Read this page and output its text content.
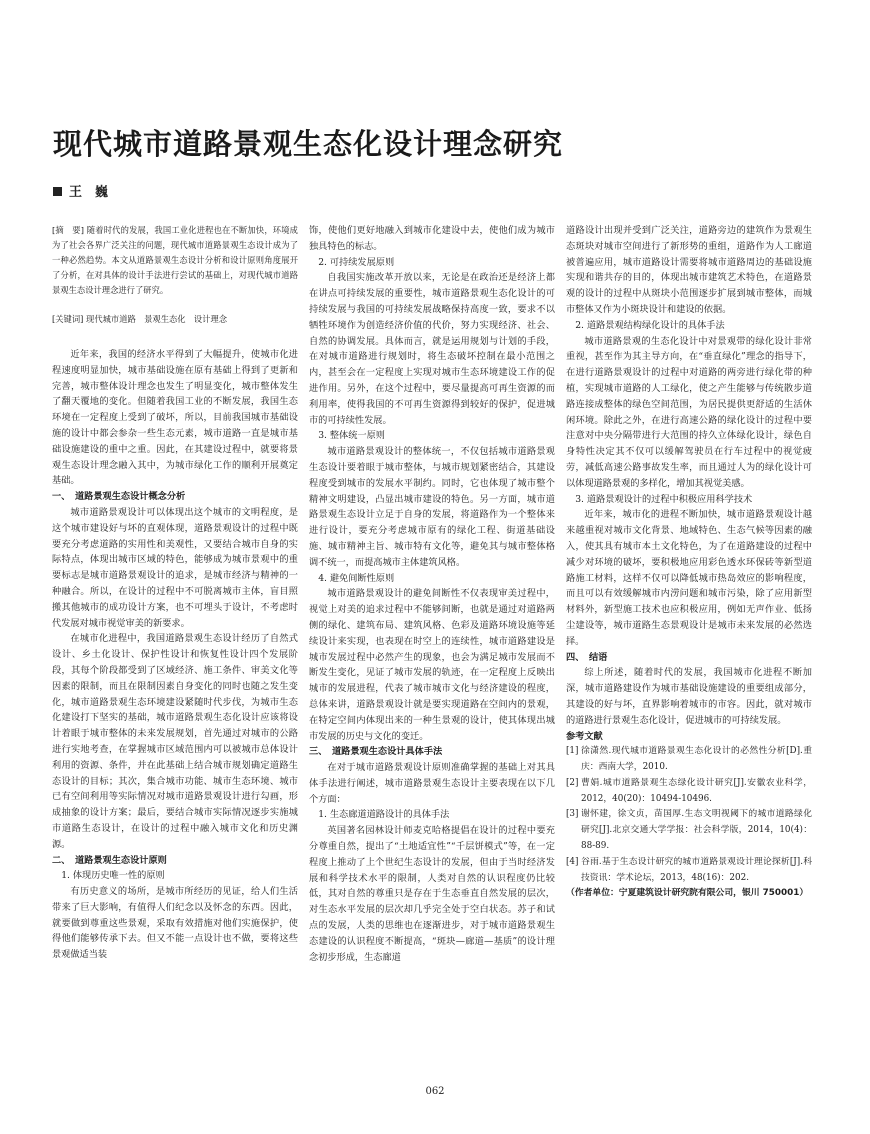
现代城市道路景观生态化设计理念研究
王　巍

[摘　要] 随着时代的发展，我国工业化进程也在不断加快，环境成为了社会各界广泛关注的问题，现代城市道路景观生态设计成为了一种必然趋势。本文从道路景观生态设计分析和设计原则角度展开了分析，在对具体的设计手法进行尝试的基础上，对现代城市道路景观生态设计理念进行了研究。

[关键词] 现代城市道路　景观生态化　设计理念

近年来，我国的经济水平得到了大幅提升，使城市化进程速度明显加快，城市基础设施在原有基础上得到了更新和完善，城市整体设计理念也发生了明显变化，城市整体发生了翻天覆地的变化。但随着我国工业的不断发展，我国生态环境在一定程度上受到了破坏，所以，目前我国城市基础设施的设计中都会参杂一些生态元素，城市道路一直是城市基础设施建设的重中之重。因此，在其建设过程中，就要将景观生态设计理念融入其中，为城市绿化工作的顺利开展奠定基础。

一、　道路景观生态设计概念分析

城市道路景观设计可以体现出这个城市的文明程度，是这个城市建设好与坏的直观体现，道路景观设计的过程中既要充分考虑道路的实用性和美观性，又要结合城市自身的实际特点，体现出城市区域的特色，能够成为城市景观中的重要标志是城市道路景观设计的追求，是城市经济与精神的一种融合。所以，在设计的过程中不可脱离城市主体，盲目照搬其他城市的成功设计方案，也不可埋头于设计，不考虑时代发展对城市视觉审美的新要求。

在城市化进程中，我国道路景观生态设计经历了自然式设计、乡土化设计、保护性设计和恢复性设计四个发展阶段，其每个阶段都受到了区域经济、施工条件、审美文化等因素的限制，而且在限制因素自身变化的同时也随之发生变化，城市道路景观生态环境建设紧随时代步伐，为城市生态化建设打下坚实的基础，城市道路景观生态化设计应该将设计着眼于城市整体的未来发展规划，首先通过对城市的公路进行实地考查，在掌握城市区域范围内可以被城市总体设计利用的资源、条件，并在此基础上结合城市规划确定道路生态设计的目标；其次，集合城市功能、城市生态环境、城市已有空间利用等实际情况对城市道路景观设计进行勾画，形成抽象的设计方案；最后，要结合城市实际情况逐步实施城市道路生态设计，在设计的过程中融入城市文化和历史渊源。

二、　道路景观生态设计原则

1. 体现历史唯一性的原则

有历史意义的场所，是城市所经历的见证，给人们生活带来了巨大影响，有值得人们纪念以及怀念的东西。因此，就要做到尊重这些景观，采取有效措施对他们实施保护，使得他们能够传承下去。但又不能一点设计也不做，要将这些景观做适当装

饰，使他们更好地融入到城市化建设中去，使他们成为城市独具特色的标志。

2. 可持续发展原则

自我国实施改革开放以来，无论是在政治还是经济上都在讲点可持续发展的重要性，城市道路景观生态化设计的可持续发展与我国的可持续发展战略保持高度一致，要求不以牺牲环境作为创造经济价值的代价，努力实现经济、社会、自然的协调发展。具体而言，就是运用规划与计划的手段，在对城市道路进行规划时，将生态破坏控制在最小范围之内，甚至会在一定程度上实现对城市生态环境建设工作的促进作用。另外，在这个过程中，要尽量提高可再生资源的而利用率，使得我国的不可再生资源得到较好的保护，促进城市的可持续性发展。

3. 整体统一原则

城市道路景观设计的整体统一，不仅包括城市道路景观生态设计要着眼于城市整体，与城市规划紧密结合，其建设程度受到城市的发展水平制约。同时，它也体现了城市整个精神文明建设，凸显出城市建设的特色。另一方面，城市道路景观生态设计立足于自身的发展，将道路作为一个整体来进行设计，要充分考虑城市原有的绿化工程、街道基础设施、城市精神主旨、城市特有文化等，避免其与城市整体格调不统一，而提高城市主体建筑风格。

4. 避免间断性原则

城市道路景观设计的避免间断性不仅表现审美过程中，视觉上对美的追求过程中不能够间断，也就是通过对道路两侧的绿化、建筑布局、建筑风格、色彩及道路环境设施等延续设计来实现，也表现在时空上的连续性，城市道路建设是城市发展过程中必然产生的现象，也会为满足城市发展而不断发生变化，见证了城市发展的轨迹，在一定程度上反映出城市的发展进程，代表了城市城市文化与经济建设的程度，总体来讲，道路景观设计就是要实现道路在空间内的景观，在特定空间内体现出来的一种生景观的设计，使其体现出城市发展的历史与文化的变迁。

三、　道路景观生态设计具体手法

在对于城市道路景观设计原则准确掌握的基础上对其具体手法进行阐述，城市道路景观生态设计主要表现在以下几个方面：

1. 生态廊道道路设计的具体手法

英国著名园林设计师麦克哈格提倡在设计的过程中要充分尊重自然，提出了“土地适宜性”“千层饼模式”等，在一定程度上推动了上个世纪生态设计的发展，但由于当时经济发展和科学技术水平的限制，人类对自然的认识程度仍比较低，其对自然的尊重只是存在于生态垂直自然发展的层次，对生态水平发展的层次却几乎完全处于空白状态。苏子和试点的发展，人类的思维也在逐渐进步，对于城市道路景观生态建设的认识程度不断提高，“斑块—廊道—基质”的设计理念初步形成，生态廊道

道路设计出现并受到广泛关注，道路旁边的建筑作为景观生态斑块对城市空间进行了新形势的重组，道路作为人工廊道被普遍应用，城市道路设计需要将城市道路周边的基础设施实现和谐共存的目的，体现出城市建筑艺术特色，在道路景观的设计的过程中从斑块小范围逐步扩展到城市整体，而城市整体又作为小斑块设计和建设的依据。

2. 道路景观结构绿化设计的具体手法

城市道路景观的生态化设计中对景观带的绿化设计非常重视，甚至作为其主导方向，在“垂直绿化”理念的指导下，在进行道路景观设计的过程中对道路的两旁进行绿化带的种植，实现城市道路的人工绿化，使之产生能够与传统散步道路连接成整体的绿色空间范围，为居民提供更舒适的生活休闲环境。除此之外，在进行高速公路的绿化设计的过程中要注意对中央分隔带进行大范围的持久立体绿化设计，绿色自身特性决定其不仅可以缓解驾驶员在行车过程中的视觉疲劳，减低高速公路事故发生率，而且通过人为的绿化设计可以体现道路景观的多样化，增加其视觉美感。

3. 道路景观设计的过程中积极应用科学技术

近年来，城市化的进程不断加快，城市道路景观设计越来越重视对城市文化背景、地域特色、生态气候等因素的融入，使其具有城市本土文化特色，为了在道路建设的过程中减少对环境的破坏，要积极地应用彩色透水环保砖等新型道路施工材料，这样不仅可以降低城市热岛效应的影响程度，而且可以有效缓解城市内涝问题和城市污染，除了应用新型材料外，新型施工技术也应积极应用，例如无声作业、低扬尘建设等，城市道路生态景观设计是城市未来发展的必然选择。

四、　结语

综上所述，随着时代的发展，我国城市化进程不断加深，城市道路建设作为城市基础设施建设的重要组成部分，其建设的好与坏，直界影响着城市的市容。因此，就对城市的道路进行景观生态化设计，促进城市的可持续发展。

参考文献

[1] 徐潇然.现代城市道路景观生态化设计的必然性分析[D].重庆：西南大学，2010.

[2] 曹娟.城市道路景观生态绿化设计研究[J].安徽农业科学，2012，40(20)：10494-10496.

[3] 谢怀建，徐文贞，苗国厚.生态文明视阈下的城市道路绿化研究[J].北京交通大学学报：社会科学版，2014，10(4)：88-89.

[4] 谷雨.基于生态设计研究的城市道路景观设计理论探析[J].科技资讯：学术论坛，2013，48(16)：202.

（作者单位：宁夏建筑设计研究院有限公司，银川 750001）

062
